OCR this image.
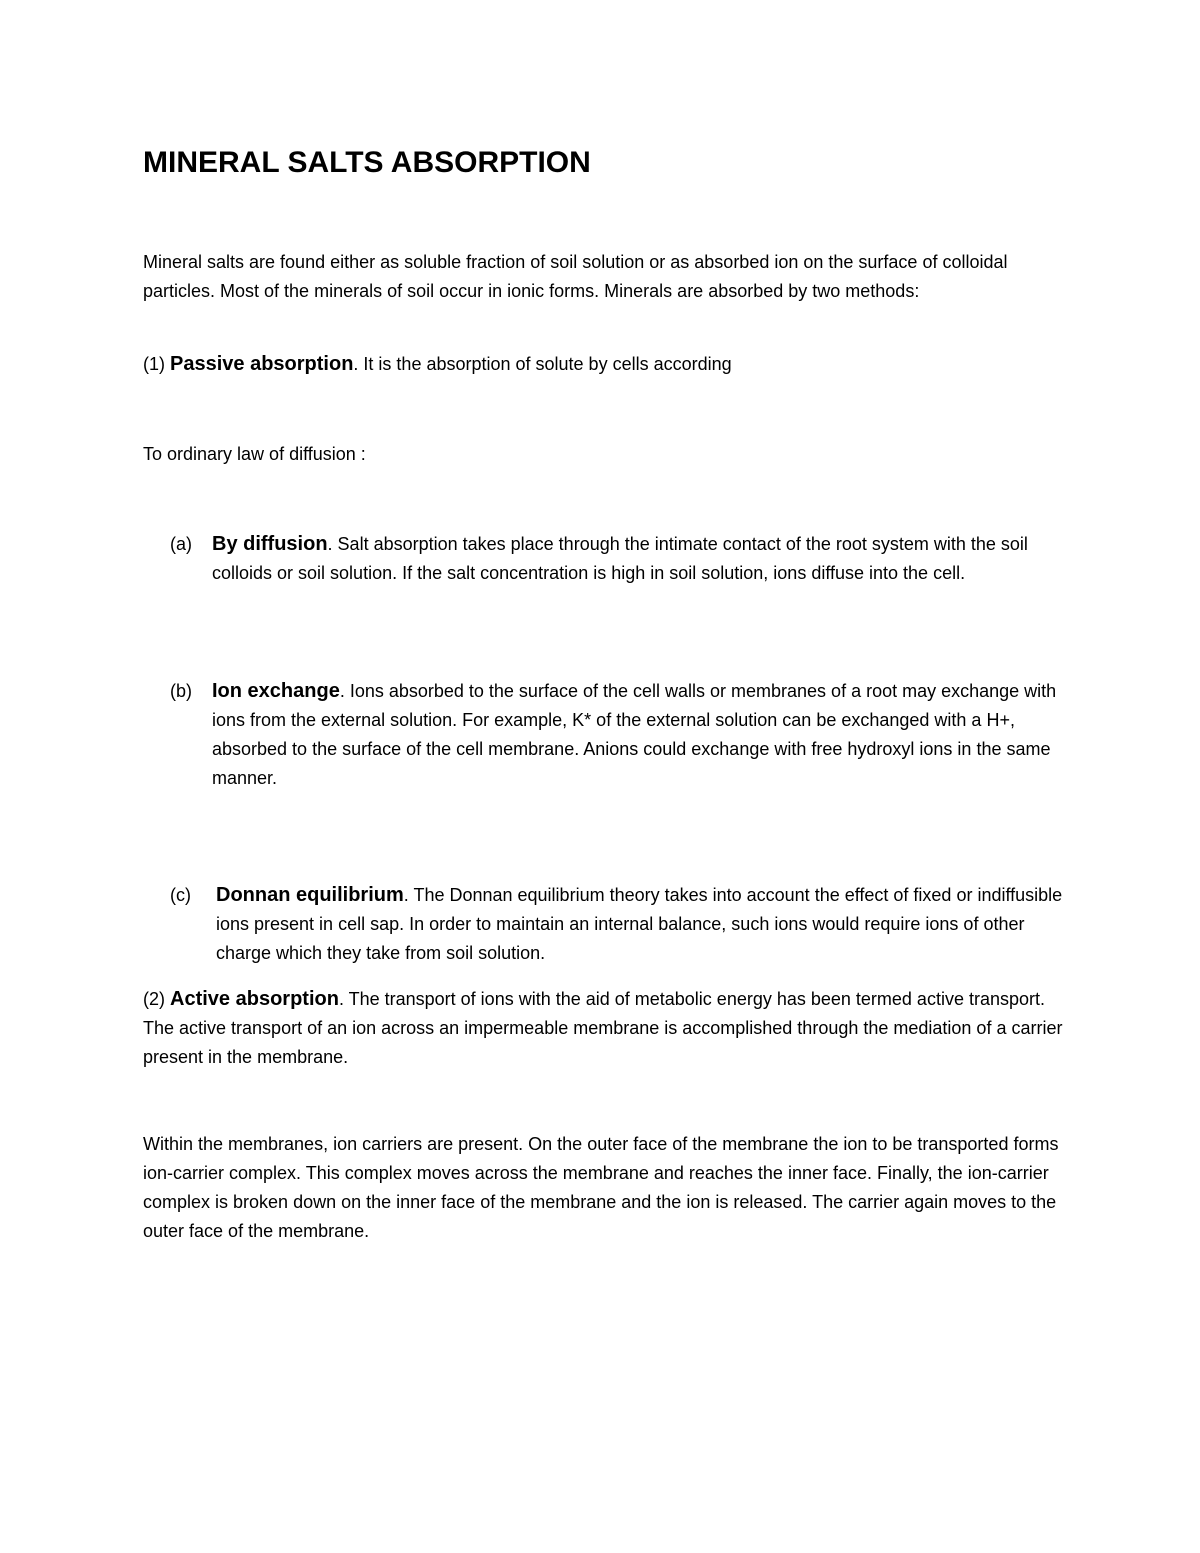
MINERAL SALTS ABSORPTION

Mineral salts are found either as soluble fraction of soil solution or as absorbed ion on the surface of colloidal particles. Most of the minerals of soil occur in ionic forms. Minerals are absorbed by two methods:

(1) Passive absorption. It is the absorption of solute by cells according

To ordinary law of diffusion :

(a)	By diffusion. Salt absorption takes place through the intimate contact of the root system with the soil colloids or soil solution. If the salt concentration is high in soil solution, ions diffuse into the cell.
(b)	Ion exchange. Ions absorbed to the surface of the cell walls or membranes of a root may exchange with ions from the external solution. For example, K* of the external solution can be exchanged with a H+, absorbed to the surface of the cell membrane. Anions could exchange with free hydroxyl ions in the same manner.
(c)	Donnan equilibrium. The Donnan equilibrium theory takes into account the effect of fixed or indiffusible ions present in cell sap. In order to maintain an internal balance, such ions would require ions of other charge which they take from soil solution.

(2) Active absorption. The transport of ions with the aid of metabolic energy has been termed active transport. The active transport of an ion across an impermeable membrane is accomplished through the mediation of a carrier present in the membrane.

Within the membranes, ion carriers are present. On the outer face of the membrane the ion to be transported forms ion-carrier complex. This complex moves across the membrane and reaches the inner face. Finally, the ion-carrier complex is broken down on the inner face of the membrane and the ion is released. The carrier again moves to the outer face of the membrane.
